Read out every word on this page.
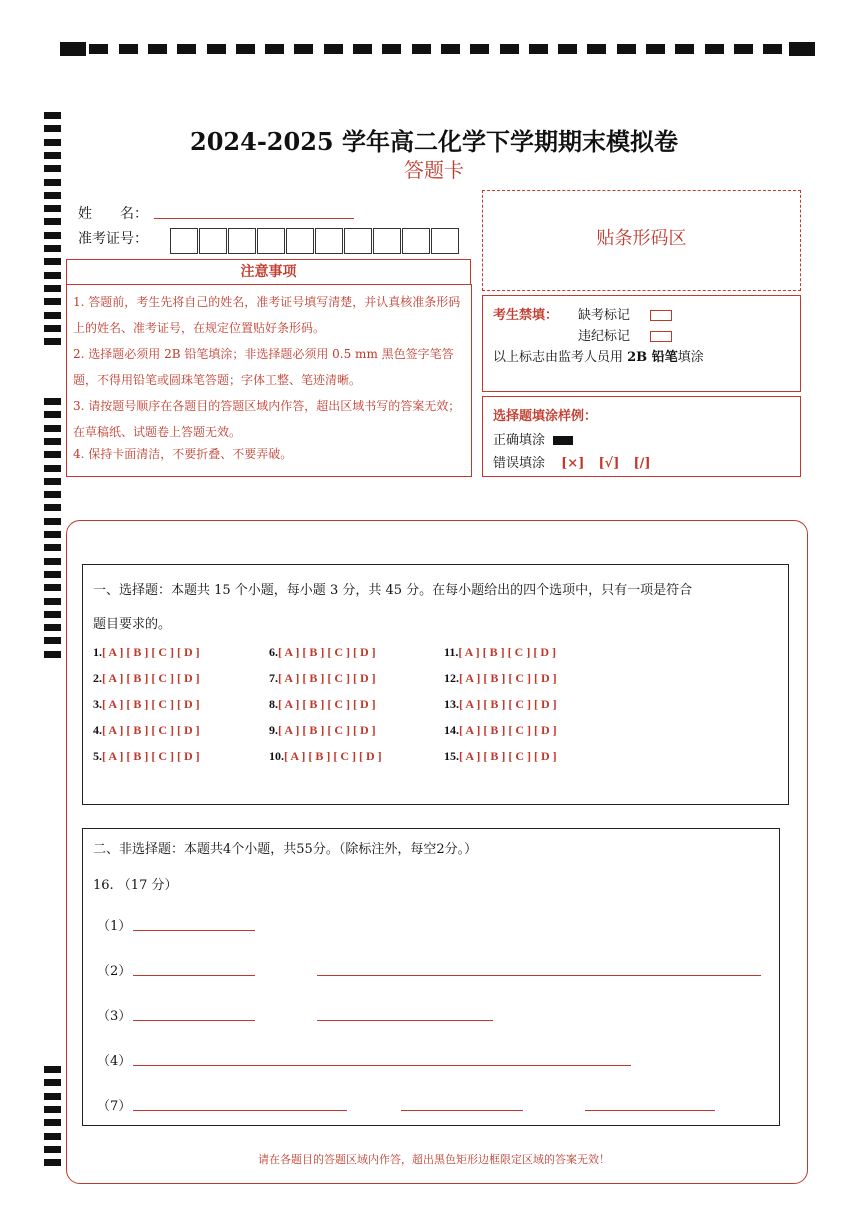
2024-2025 学年高二化学下学期期末模拟卷
答题卡
姓　　名：
准考证号：
注意事项
1. 答题前，考生先将自己的姓名，准考证号填写清楚，并认真核准条形码上的姓名、准考证号，在规定位置贴好条形码。
2. 选择题必须用 2B 铅笔填涂；非选择题必须用 0.5 mm 黑色签字笔答题，不得用铅笔或圆珠笔答题；字体工整、笔迹清晰。
3. 请按题号顺序在各题目的答题区域内作答，超出区域书写的答案无效；在草稿纸、试题卷上答题无效。
4. 保持卡面清洁，不要折叠、不要弄破。
贴条形码区
考生禁填： 缺考标记
违纪标记
以上标志由监考人员用 2B 铅笔填涂
选择题填涂样例：
正确填涂
错误填涂 [×] [√] [/]
一、选择题：本题共 15 个小题，每小题 3 分，共 45 分。在每小题给出的四个选项中，只有一项是符合
题目要求的。
1.[ A ] [ B ] [ C ] [ D ]
2.[ A ] [ B ] [ C ] [ D ]
3.[ A ] [ B ] [ C ] [ D ]
4.[ A ] [ B ] [ C ] [ D ]
5.[ A ] [ B ] [ C ] [ D ]
6.[ A ] [ B ] [ C ] [ D ]
7.[ A ] [ B ] [ C ] [ D ]
8.[ A ] [ B ] [ C ] [ D ]
9.[ A ] [ B ] [ C ] [ D ]
10.[ A ] [ B ] [ C ] [ D ]
11.[ A ] [ B ] [ C ] [ D ]
12.[ A ] [ B ] [ C ] [ D ]
13.[ A ] [ B ] [ C ] [ D ]
14.[ A ] [ B ] [ C ] [ D ]
15.[ A ] [ B ] [ C ] [ D ]
二、非选择题：本题共4个小题，共55分。（除标注外，每空2分。）
16. （17 分）
（1）
（2）
（3）
（4）
（7）
请在各题目的答题区域内作答，超出黑色矩形边框限定区域的答案无效！
